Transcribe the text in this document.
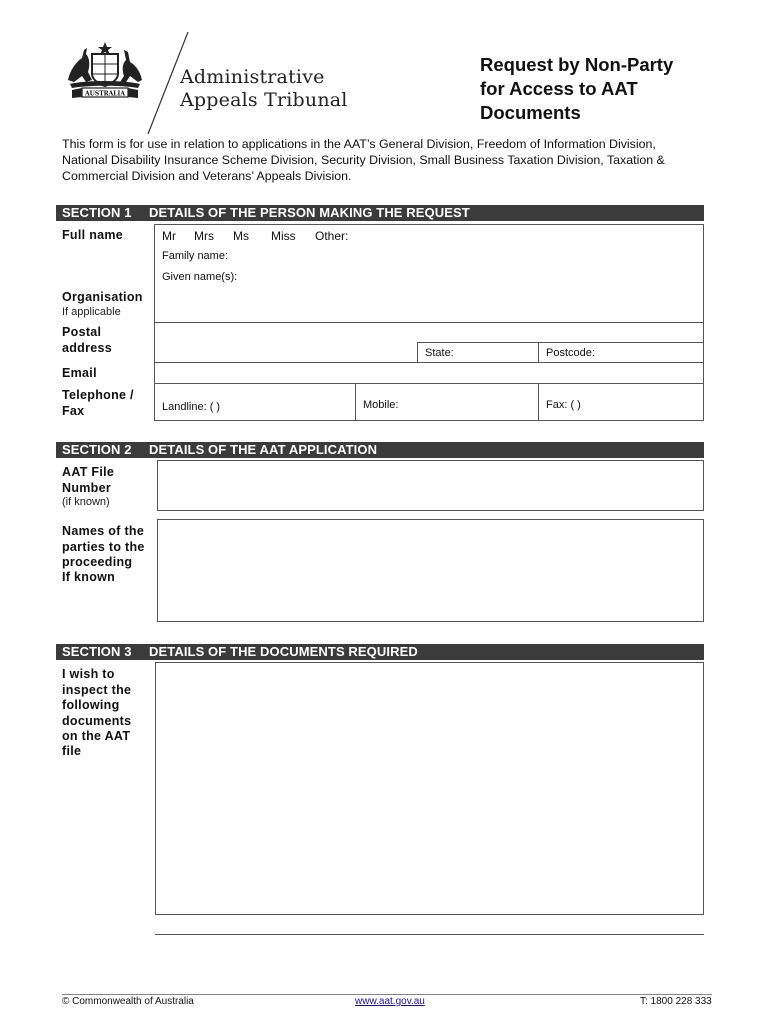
AUSTRALIA
Administrative
Appeals Tribunal
Request by Non-Party
for Access to AAT
Documents
This form is for use in relation to applications in the AAT’s General Division, Freedom of Information Division,
National Disability Insurance Scheme Division, Security Division, Small Business Taxation Division, Taxation &
Commercial Division and Veterans’ Appeals Division.
SECTION 1 DETAILS OF THE PERSON MAKING THE REQUEST
Full name	Mr Mrs Ms Miss Other:
Family name:
Given name(s):
Organisation
If applicable
Postal
address	State:	Postcode:
Email
Telephone /
Fax	Landline: ( )	Mobile:	Fax: ( )
SECTION 2 DETAILS OF THE AAT APPLICATION
AAT File
Number
(if known)
Names of the
parties to the
proceeding
If known
SECTION 3 DETAILS OF THE DOCUMENTS REQUIRED
I wish to
inspect the
following
documents
on the AAT
file
© Commonwealth of Australia	www.aat.gov.au	T: 1800 228 333
